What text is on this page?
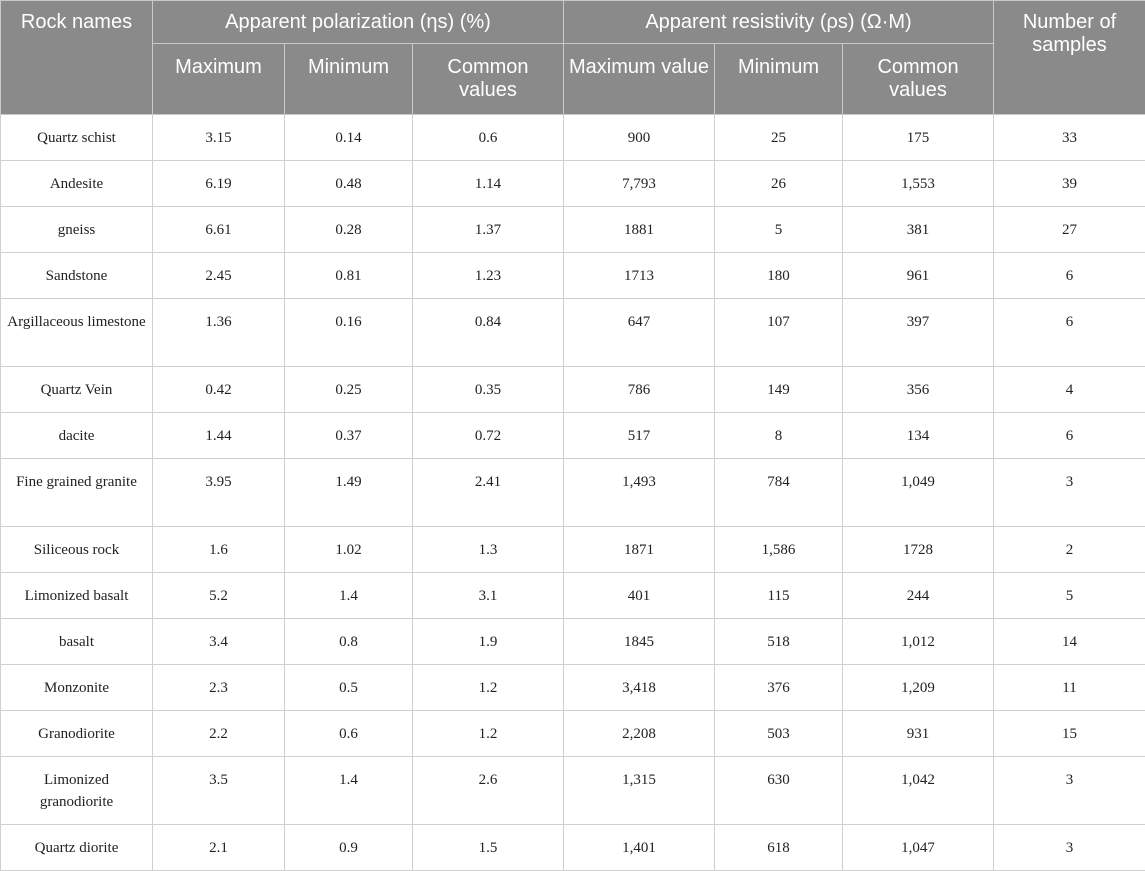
Rock names	Apparent polarization (ηs) (%)			Apparent resistivity (ρs) (Ω·M)			Number of samples
	Maximum	Minimum	Common values	Maximum value	Minimum	Common values	
Quartz schist	3.15	0.14	0.6	900	25	175	33
Andesite	6.19	0.48	1.14	7,793	26	1,553	39
gneiss	6.61	0.28	1.37	1881	5	381	27
Sandstone	2.45	0.81	1.23	1713	180	961	6
Argillaceous limestone	1.36	0.16	0.84	647	107	397	6
Quartz Vein	0.42	0.25	0.35	786	149	356	4
dacite	1.44	0.37	0.72	517	8	134	6
Fine grained granite	3.95	1.49	2.41	1,493	784	1,049	3
Siliceous rock	1.6	1.02	1.3	1871	1,586	1728	2
Limonized basalt	5.2	1.4	3.1	401	115	244	5
basalt	3.4	0.8	1.9	1845	518	1,012	14
Monzonite	2.3	0.5	1.2	3,418	376	1,209	11
Granodiorite	2.2	0.6	1.2	2,208	503	931	15
Limonized granodiorite	3.5	1.4	2.6	1,315	630	1,042	3
Quartz diorite	2.1	0.9	1.5	1,401	618	1,047	3
